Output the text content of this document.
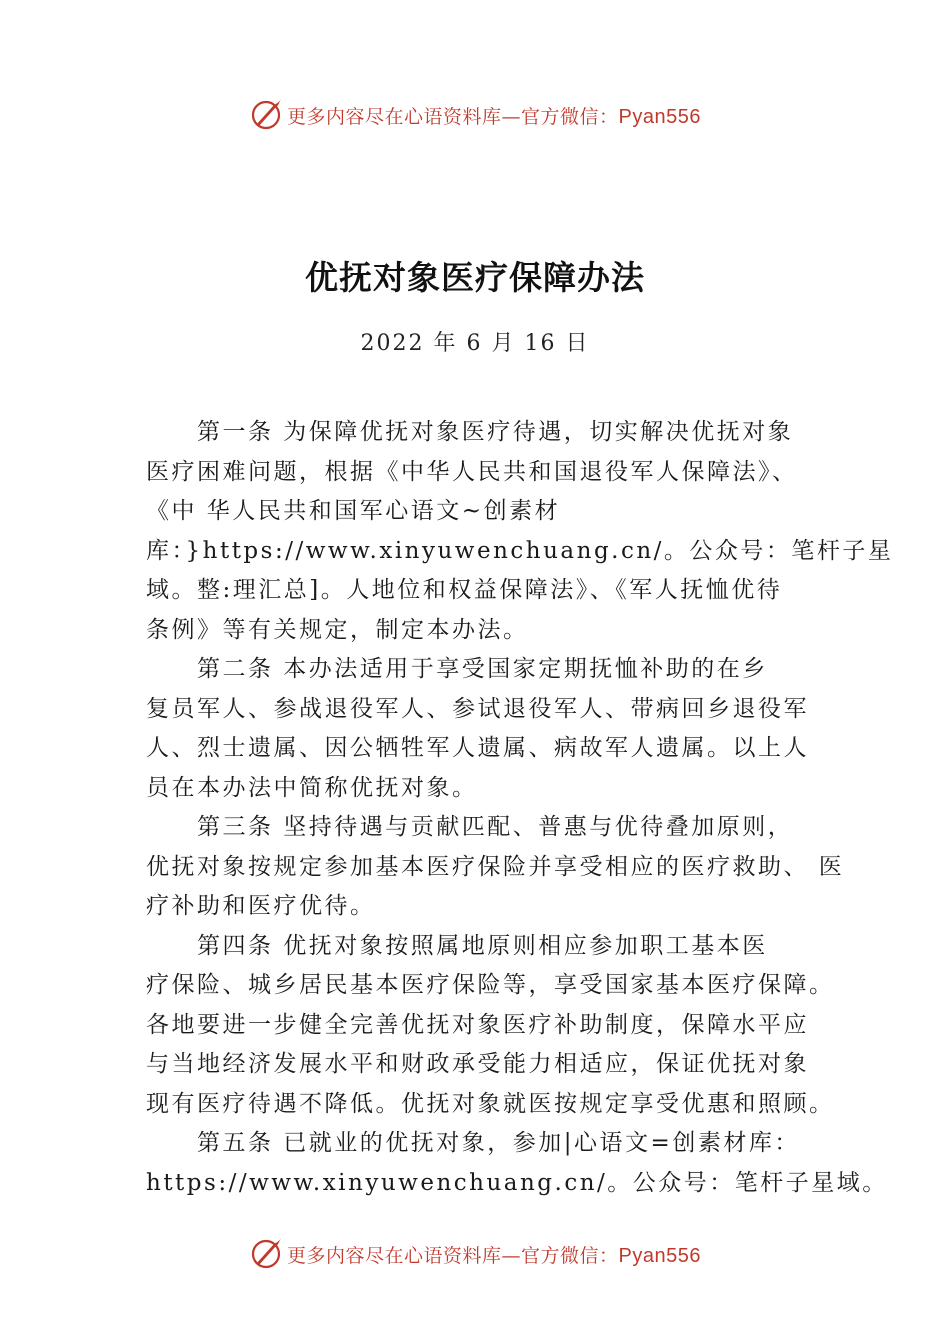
更多内容尽在心语资料库—官方微信：Pyan556
优抚对象医疗保障办法
2022 年 6 月 16 日
第一条 为保障优抚对象医疗待遇，切实解决优抚对象
医疗困难问题，根据《中华人民共和国退役军人保障法》、
《中 华人民共和国军心语文~创素材
库：}https://www.xinyuwenchuang.cn/。公众号：笔杆子星
域。整:理汇总]。人地位和权益保障法》、《军人抚恤优待
条例》等有关规定，制定本办法。
第二条 本办法适用于享受国家定期抚恤补助的在乡
复员军人、参战退役军人、参试退役军人、带病回乡退役军
人、烈士遗属、因公牺牲军人遗属、病故军人遗属。以上人
员在本办法中简称优抚对象。
第三条 坚持待遇与贡献匹配、普惠与优待叠加原则，
优抚对象按规定参加基本医疗保险并享受相应的医疗救助、 医
疗补助和医疗优待。
第四条 优抚对象按照属地原则相应参加职工基本医
疗保险、城乡居民基本医疗保险等，享受国家基本医疗保障。
各地要进一步健全完善优抚对象医疗补助制度，保障水平应
与当地经济发展水平和财政承受能力相适应，保证优抚对象
现有医疗待遇不降低。优抚对象就医按规定享受优惠和照顾。
第五条 已就业的优抚对象，参加|心语文=创素材库：
https://www.xinyuwenchuang.cn/。公众号：笔杆子星域。
更多内容尽在心语资料库—官方微信：Pyan556
